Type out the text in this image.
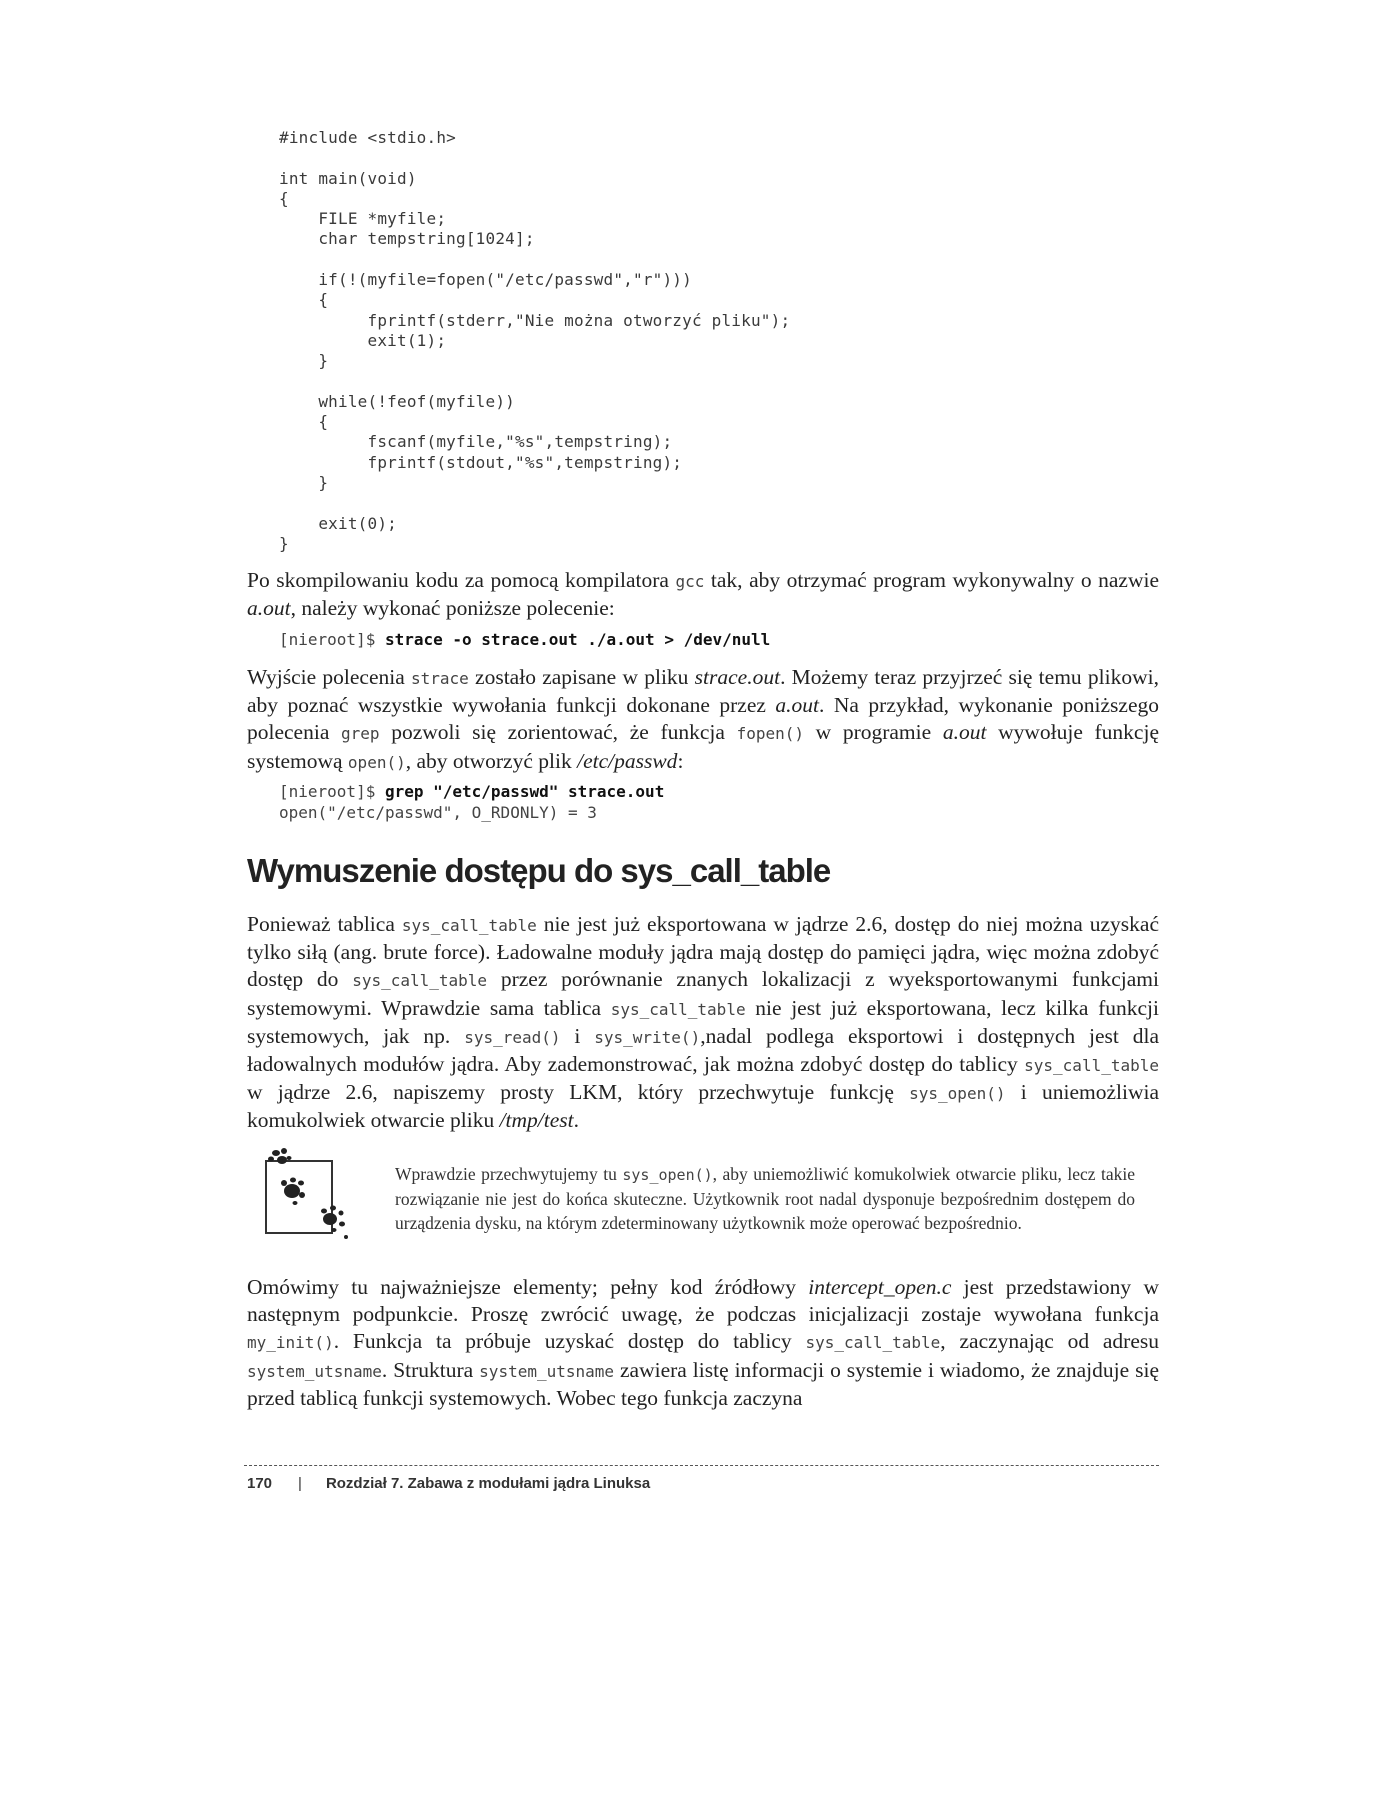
#include <stdio.h>

int main(void)
{
FILE *myfile;
char tempstring[1024];

if(!(myfile=fopen("/etc/passwd","r")))
{
fprintf(stderr,"Nie można otworzyć pliku");
exit(1);
}

while(!feof(myfile))
{
fscanf(myfile,"%s",tempstring);
fprintf(stdout,"%s",tempstring);
}

exit(0);
}

Po skompilowaniu kodu za pomocą kompilatora gcc tak, aby otrzymać program wykonywalny o nazwie a.out, należy wykonać poniższe polecenie:

[nieroot]$ strace -o strace.out ./a.out > /dev/null

Wyjście polecenia strace zostało zapisane w pliku strace.out. Możemy teraz przyjrzeć się temu plikowi, aby poznać wszystkie wywołania funkcji dokonane przez a.out. Na przykład, wykonanie poniższego polecenia grep pozwoli się zorientować, że funkcja fopen() w programie a.out wywołuje funkcję systemową open(), aby otworzyć plik /etc/passwd:

[nieroot]$ grep "/etc/passwd" strace.out
open("/etc/passwd", O_RDONLY) = 3
Wymuszenie dostępu do sys_call_table

Ponieważ tablica sys_call_table nie jest już eksportowana w jądrze 2.6, dostęp do niej można uzyskać tylko siłą (ang. brute force). Ładowalne moduły jądra mają dostęp do pamięci jądra, więc można zdobyć dostęp do sys_call_table przez porównanie znanych lokalizacji z wyeksportowanymi funkcjami systemowymi. Wprawdzie sama tablica sys_call_table nie jest już eksportowana, lecz kilka funkcji systemowych, jak np. sys_read() i sys_write(),nadal podlega eksportowi i dostępnych jest dla ładowalnych modułów jądra. Aby zademonstrować, jak można zdobyć dostęp do tablicy sys_call_table w jądrze 2.6, napiszemy prosty LKM, który przechwytuje funkcję sys_open() i uniemożliwia komukolwiek otwarcie pliku /tmp/test.

Wprawdzie przechwytujemy tu sys_open(), aby uniemożliwić komukolwiek otwarcie pliku, lecz takie rozwiązanie nie jest do końca skuteczne. Użytkownik root nadal dysponuje bezpośrednim dostępem do urządzenia dysku, na którym zdeterminowany użytkownik może operować bezpośrednio.

Omówimy tu najważniejsze elementy; pełny kod źródłowy intercept_open.c jest przedstawiony w następnym podpunkcie. Proszę zwrócić uwagę, że podczas inicjalizacji zostaje wywołana funkcja my_init(). Funkcja ta próbuje uzyskać dostęp do tablicy sys_call_table, zaczynając od adresu system_utsname. Struktura system_utsname zawiera listę informacji o systemie i wiadomo, że znajduje się przed tablicą funkcji systemowych. Wobec tego funkcja zaczyna

170 | Rozdział 7. Zabawa z modułami jądra Linuksa
